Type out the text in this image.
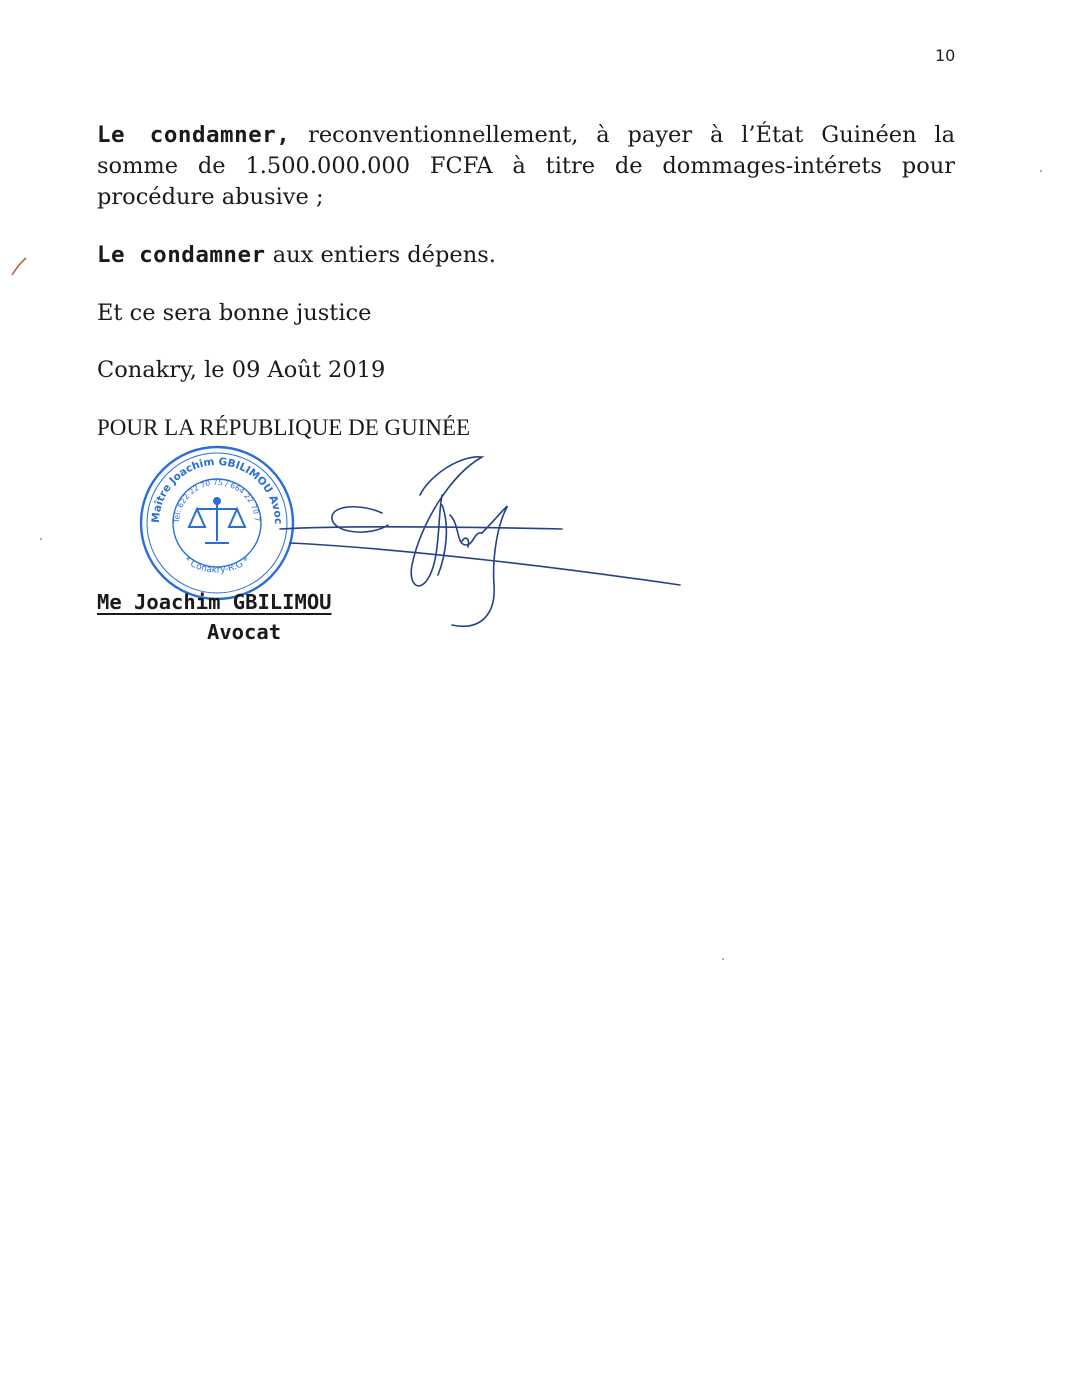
10

Le condamner, reconventionnellement, à payer à l’État Guinéen la somme de 1.500.000.000 FCFA à titre de dommages-intérets pour procédure abusive ;

Le condamner aux entiers dépens.

Et ce sera bonne justice

Conakry, le 09 Août 2019

POUR LA RÉPUBLIQUE DE GUINÉE

Maître Joachim GBILIMOU Avoc
* Conakry-R.G *
Tel: 622 22 70 75 / 664 22 70 7
Me Joachim GBILIMOU
Avocat
